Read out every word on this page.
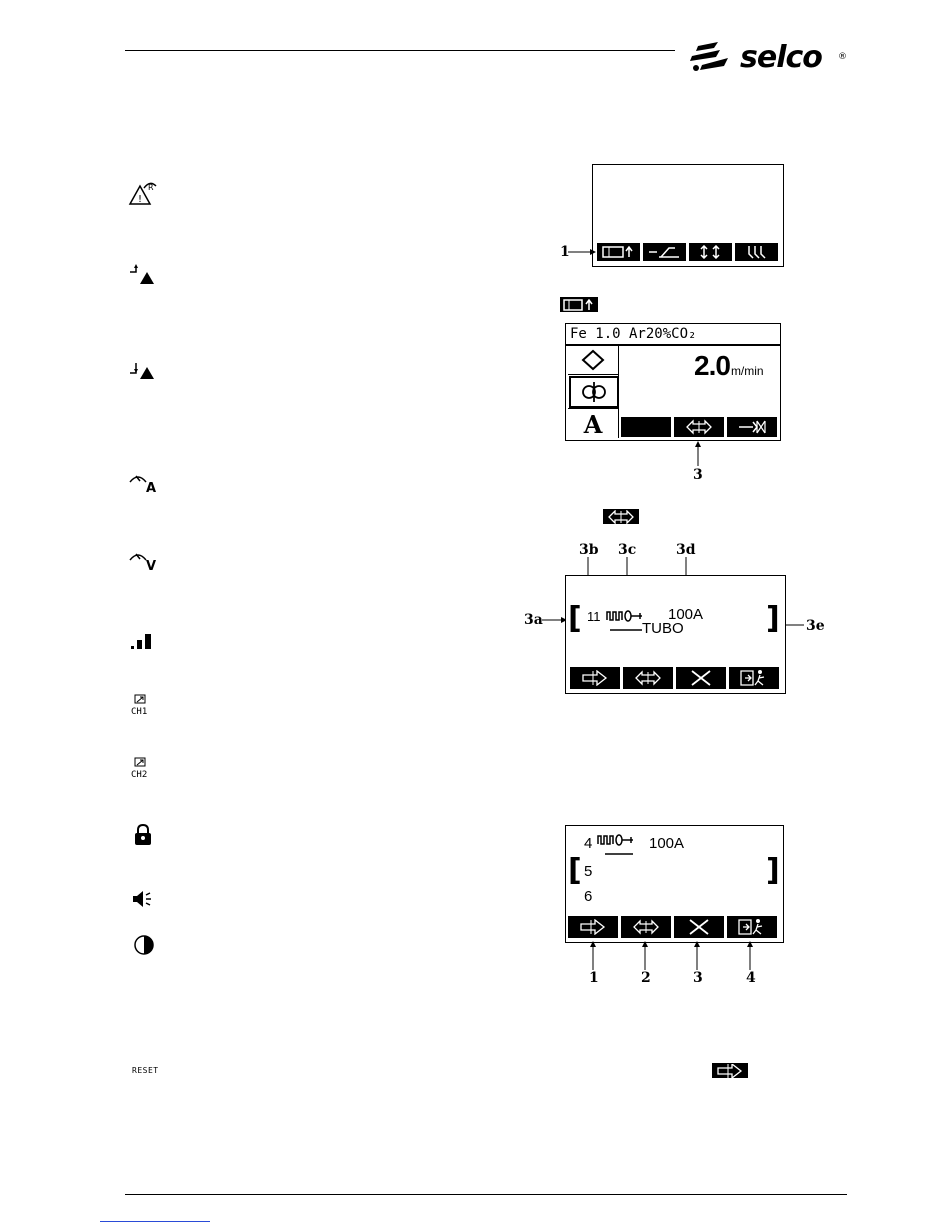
selco ®
!
R
A
V
CH1
CH2
1
Fe 1.0 Ar20%CO₂
A
2.0m/min
3
3b 3c	3d
3a	3e
[	]
11	100A
TUBO
[	]
4	100A
5
6
1	2	3	4
RESET
